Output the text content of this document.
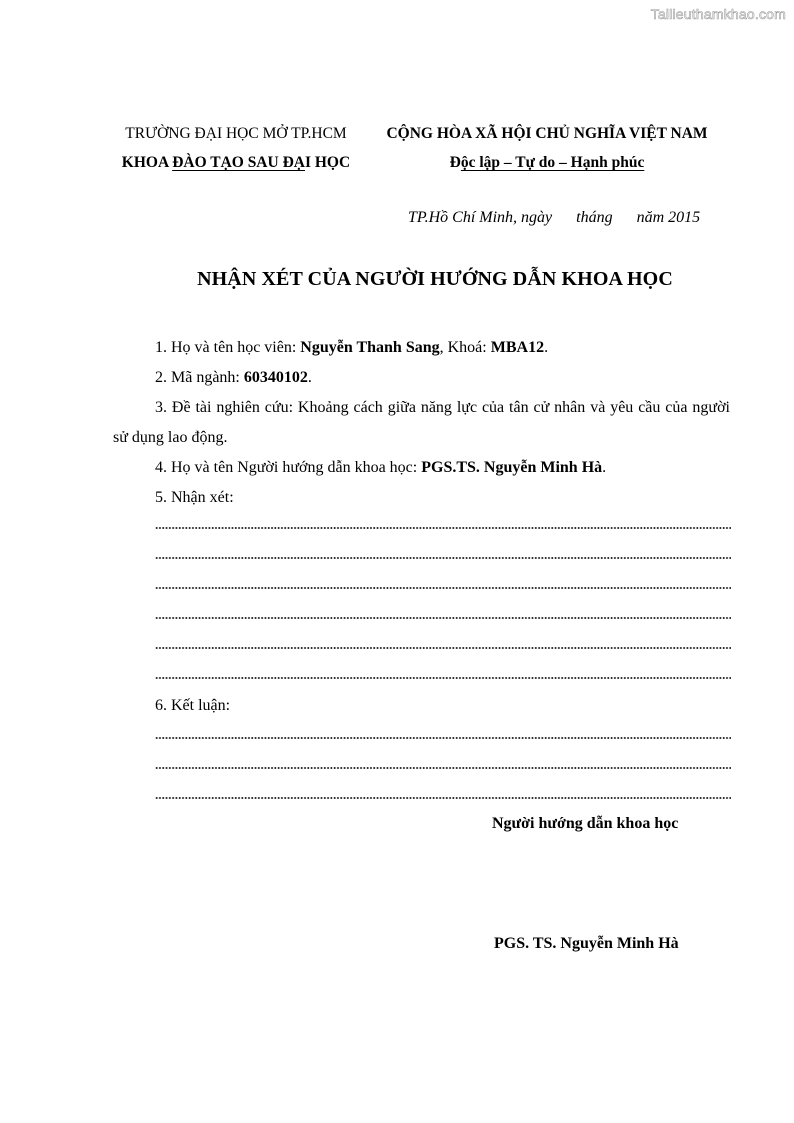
Tailieuthamkhao.com
TRƯỜNG ĐẠI HỌC MỞ TP.HCM
KHOA ĐÀO TẠO SAU ĐẠI HỌC
CỘNG HÒA XÃ HỘI CHỦ NGHĨA VIỆT NAM
Độc lập – Tự do – Hạnh phúc
TP.Hồ Chí Minh, ngày      tháng      năm 2015
NHẬN XÉT CỦA NGƯỜI HƯỚNG DẪN KHOA HỌC
1. Họ và tên học viên: Nguyễn Thanh Sang, Khoá: MBA12.
2. Mã ngành: 60340102.
3. Đề tài nghiên cứu: Khoảng cách giữa năng lực của tân cử nhân và yêu cầu của người sử dụng lao động.
4. Họ và tên Người hướng dẫn khoa học: PGS.TS. Nguyễn Minh Hà.
5. Nhận xét:
6. Kết luận:
Người hướng dẫn khoa học
PGS. TS. Nguyễn Minh Hà
